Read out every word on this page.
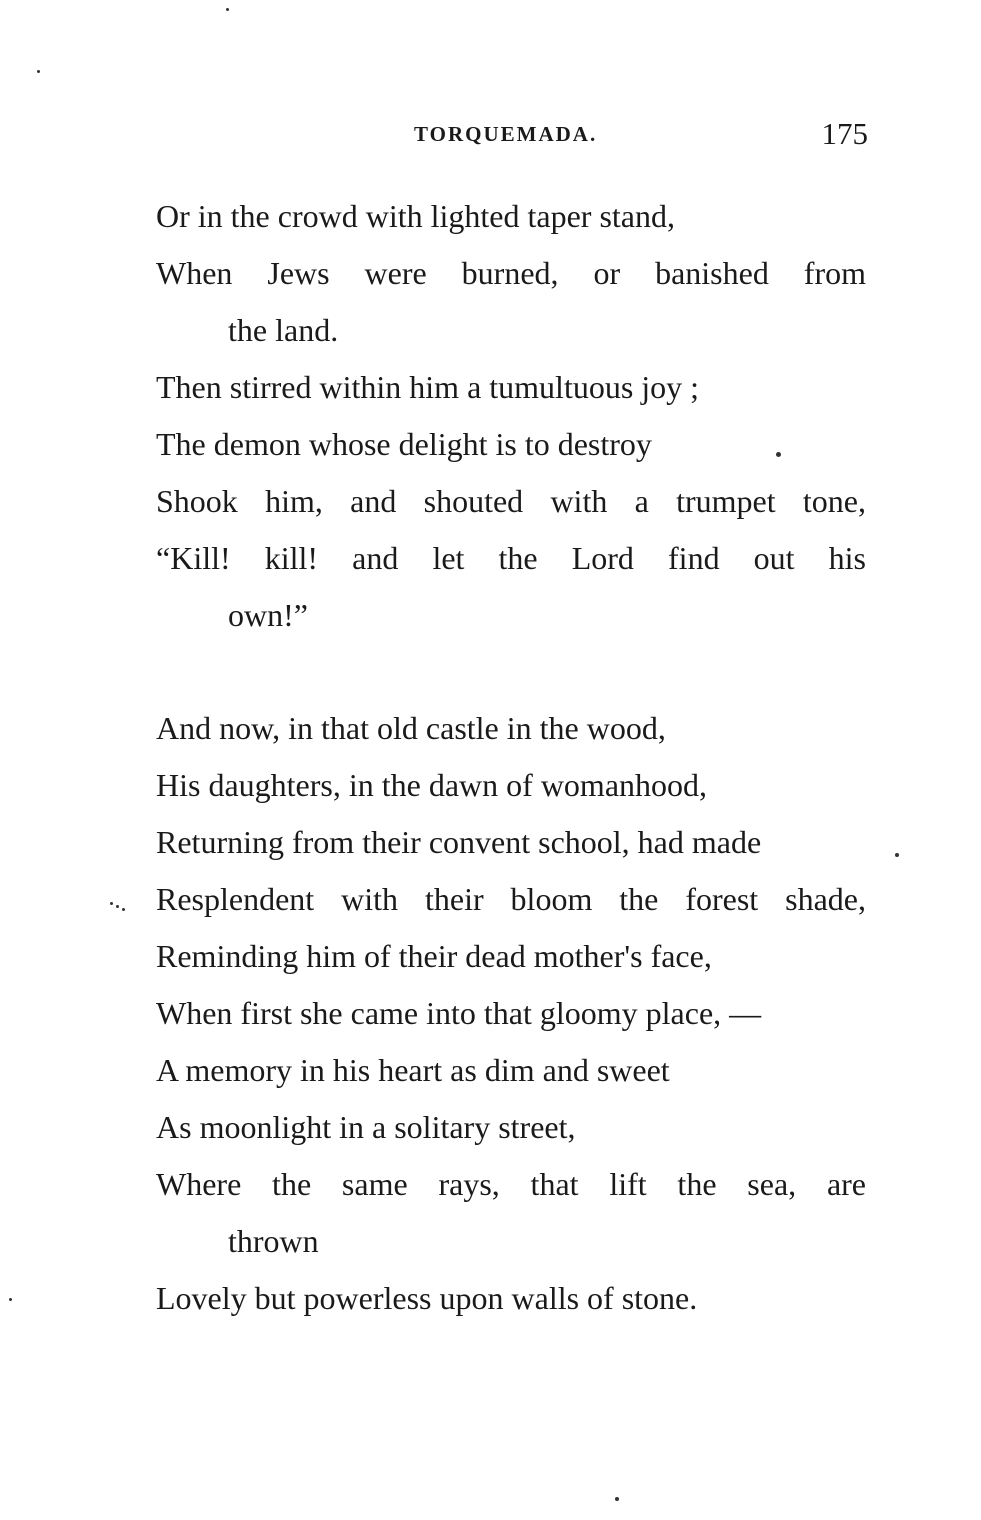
TORQUEMADA.	175
Or in the crowd with lighted taper stand,
When Jews were burned, or banished from
the land.
Then stirred within him a tumultuous joy ;
The demon whose delight is to destroy
Shook him, and shouted with a trumpet tone,
“Kill! kill! and let the Lord find out his
own!”
And now, in that old castle in the wood,
His daughters, in the dawn of womanhood,
Returning from their convent school, had made
Resplendent with their bloom the forest shade,
Reminding him of their dead mother's face,
When first she came into that gloomy place, —
A memory in his heart as dim and sweet
As moonlight in a solitary street,
Where the same rays, that lift the sea, are
thrown
Lovely but powerless upon walls of stone.
